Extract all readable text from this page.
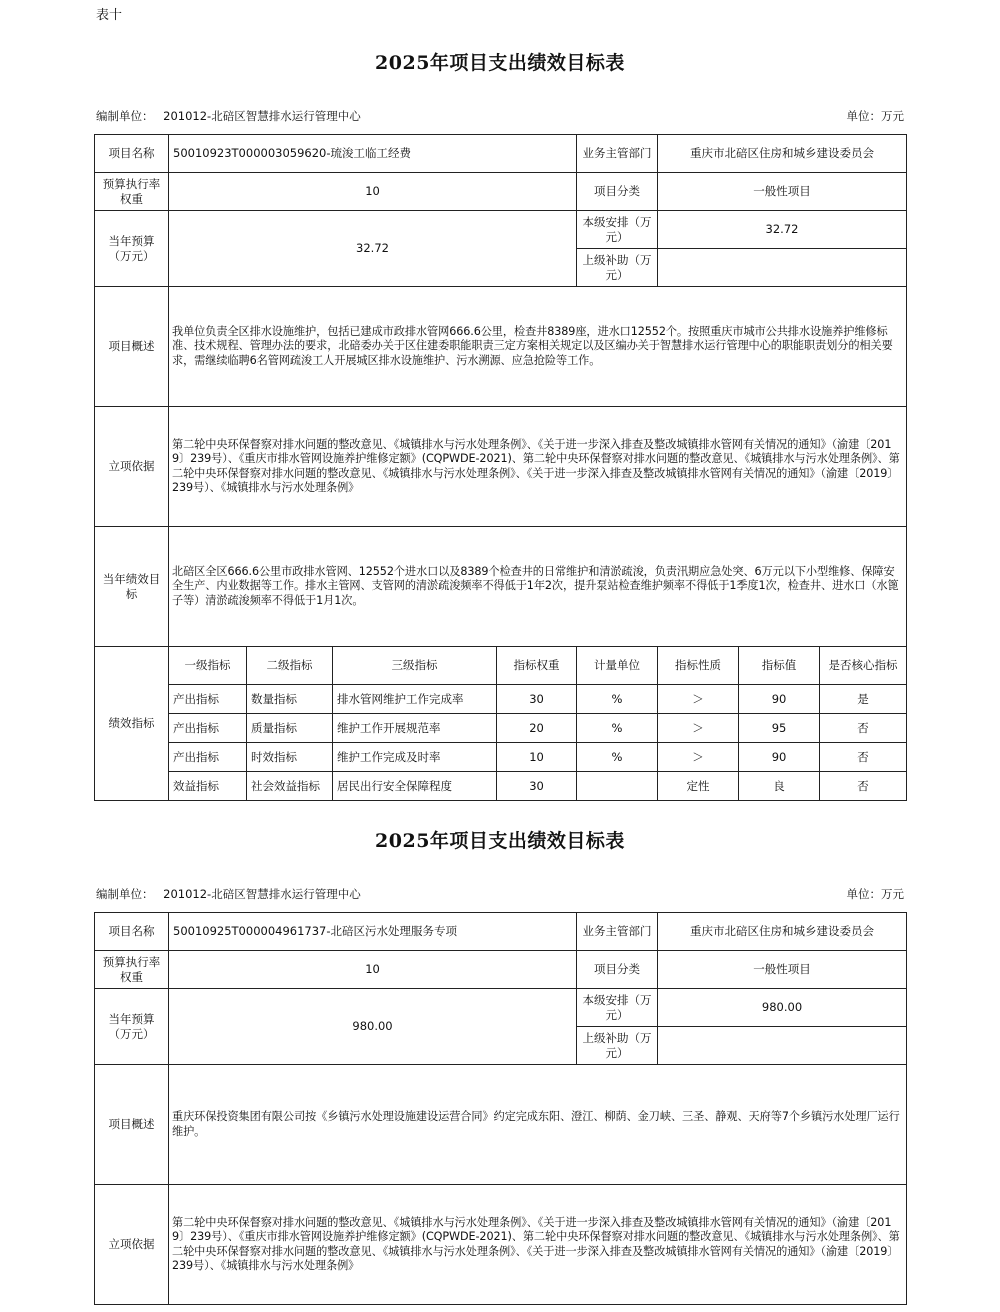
表十
2025年项目支出绩效目标表
编制单位： 201012-北碚区智慧排水运行管理中心	单位：万元
项目名称	50010923T000003059620-琉浚工临工经费				业务主管部门	重庆市北碚区住房和城乡建设委员会		
预算执行率权重	10				项目分类	一般性项目		
当年预算（万元）	32.72				本级安排（万元）	32.72		
					上级补助（万元）			
项目概述	我单位负责全区排水设施维护，包括已建成市政排水管网666.6公里，检查井8389座，进水口12552个。按照重庆市城市公共排水设施养护维修标准、技术规程、管理办法的要求，北碚委办关于区住建委职能职责三定方案相关规定以及区编办关于智慧排水运行管理中心的职能职责划分的相关要求，需继续临聘6名管网疏浚工人开展城区排水设施维护、污水溯源、应急抢险等工作。							
立项依据	第二轮中央环保督察对排水问题的整改意见、《城镇排水与污水处理条例》、《关于进一步深入排查及整改城镇排水管网有关情况的通知》（渝建〔2019〕239号）、《重庆市排水管网设施养护维修定额》(CQPWDE-2021)、第二轮中央环保督察对排水问题的整改意见、《城镇排水与污水处理条例》、第二轮中央环保督察对排水问题的整改意见、《城镇排水与污水处理条例》、《关于进一步深入排查及整改城镇排水管网有关情况的通知》（渝建〔2019〕239号）、《城镇排水与污水处理条例》							
当年绩效目标	北碚区全区666.6公里市政排水管网、12552个进水口以及8389个检查井的日常维护和清淤疏浚，负责汛期应急处突、6万元以下小型维修、保障安全生产、内业数据等工作。排水主管网、支管网的清淤疏浚频率不得低于1年2次，提升泵站检查维护频率不得低于1季度1次，检查井、进水口（水篦子等）清淤疏浚频率不得低于1月1次。							
绩效指标	一级指标	二级指标	三级指标	指标权重	计量单位	指标性质	指标值	是否核心指标
	产出指标	数量指标	排水管网维护工作完成率	30	%	＞	90	是
	产出指标	质量指标	维护工作开展规范率	20	%	＞	95	否
	产出指标	时效指标	维护工作完成及时率	10	%	＞	90	否
	效益指标	社会效益指标	居民出行安全保障程度	30		定性	良	否
2025年项目支出绩效目标表
编制单位： 201012-北碚区智慧排水运行管理中心	单位：万元
项目名称	50010925T000004961737-北碚区污水处理服务专项	业务主管部门	重庆市北碚区住房和城乡建设委员会
预算执行率权重	10	项目分类	一般性项目
当年预算（万元）	980.00	本级安排（万元）	980.00
		上级补助（万元）	
项目概述	重庆环保投资集团有限公司按《乡镇污水处理设施建设运营合同》约定完成东阳、澄江、柳荫、金刀峡、三圣、静观、天府等7个乡镇污水处理厂运行维护。		
立项依据	第二轮中央环保督察对排水问题的整改意见、《城镇排水与污水处理条例》、《关于进一步深入排查及整改城镇排水管网有关情况的通知》（渝建〔2019〕239号）、《重庆市排水管网设施养护维修定额》(CQPWDE-2021)、第二轮中央环保督察对排水问题的整改意见、《城镇排水与污水处理条例》、第二轮中央环保督察对排水问题的整改意见、《城镇排水与污水处理条例》、《关于进一步深入排查及整改城镇排水管网有关情况的通知》（渝建〔2019〕239号）、《城镇排水与污水处理条例》		
